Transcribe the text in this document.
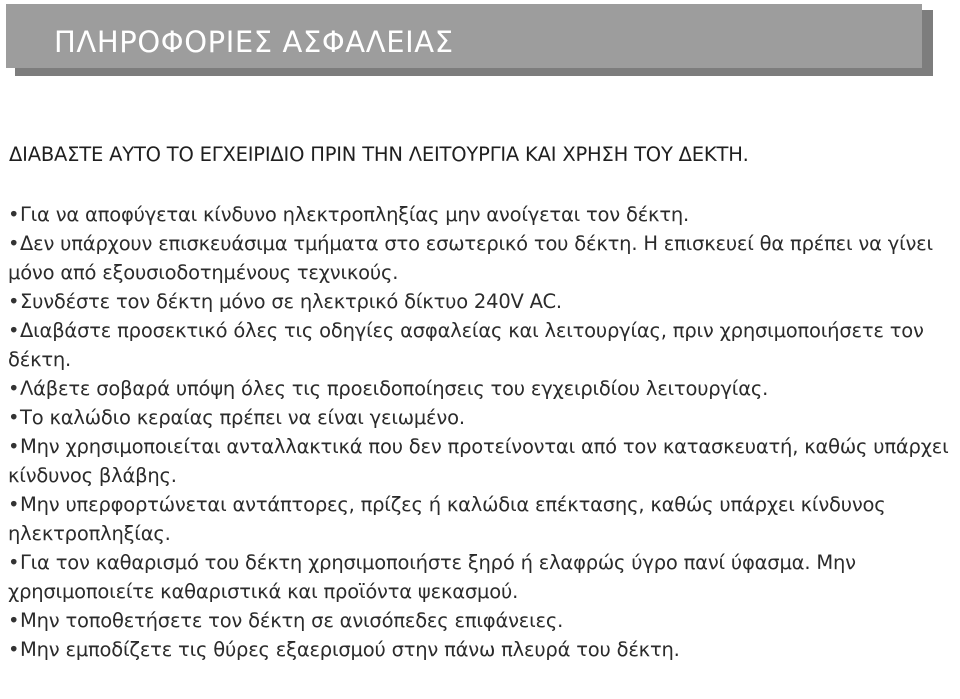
ΠΛΗΡΟΦΟΡΙΕΣ ΑΣΦΑΛΕΙΑΣ

ΔΙΑΒΑΣΤΕ ΑΥΤΟ ΤΟ ΕΓΧΕΙΡΙΔΙΟ ΠΡΙΝ ΤΗΝ ΛΕΙΤΟΥΡΓΙΑ ΚΑΙ ΧΡΗΣΗ ΤΟΥ ΔΕΚΤΗ.

•Για να αποφύγεται κίνδυνο ηλεκτροπληξίας μην ανοίγεται τον δέκτη.
•Δεν υπάρχουν επισκευάσιμα τμήματα στο εσωτερικό του δέκτη. Η επισκευεί θα πρέπει να γίνει μόνο από εξουσιοδοτημένους τεχνικούς.
•Συνδέστε τον δέκτη μόνο σε ηλεκτρικό δίκτυο 240V AC.
•Διαβάστε προσεκτικό όλες τις οδηγίες ασφαλείας και λειτουργίας, πριν χρησιμοποιήσετε τον δέκτη.
•Λάβετε σοβαρά υπόψη όλες τις προειδοποίησεις του εγχειριδίου λειτουργίας.
•Το καλώδιο κεραίας πρέπει να είναι γειωμένο.
•Μην χρησιμοποιείται ανταλλακτικά που δεν προτείνονται από τον κατασκευατή, καθώς υπάρχει κίνδυνος βλάβης.
•Μην υπερφορτώνεται αντάπτορες, πρίζες ή καλώδια επέκτασης, καθώς υπάρχει κίνδυνος ηλεκτροπληξίας.
•Για τον καθαρισμό του δέκτη χρησιμοποιήστε ξηρό ή ελαφρώς ύγρο πανί ύφασμα. Μην χρησιμοποιείτε καθαριστικά και προϊόντα ψεκασμού.
•Μην τοποθετήσετε τον δέκτη σε ανισόπεδες επιφάνειες.
•Μην εμποδίζετε τις θύρες εξαερισμού στην πάνω πλευρά του δέκτη.
